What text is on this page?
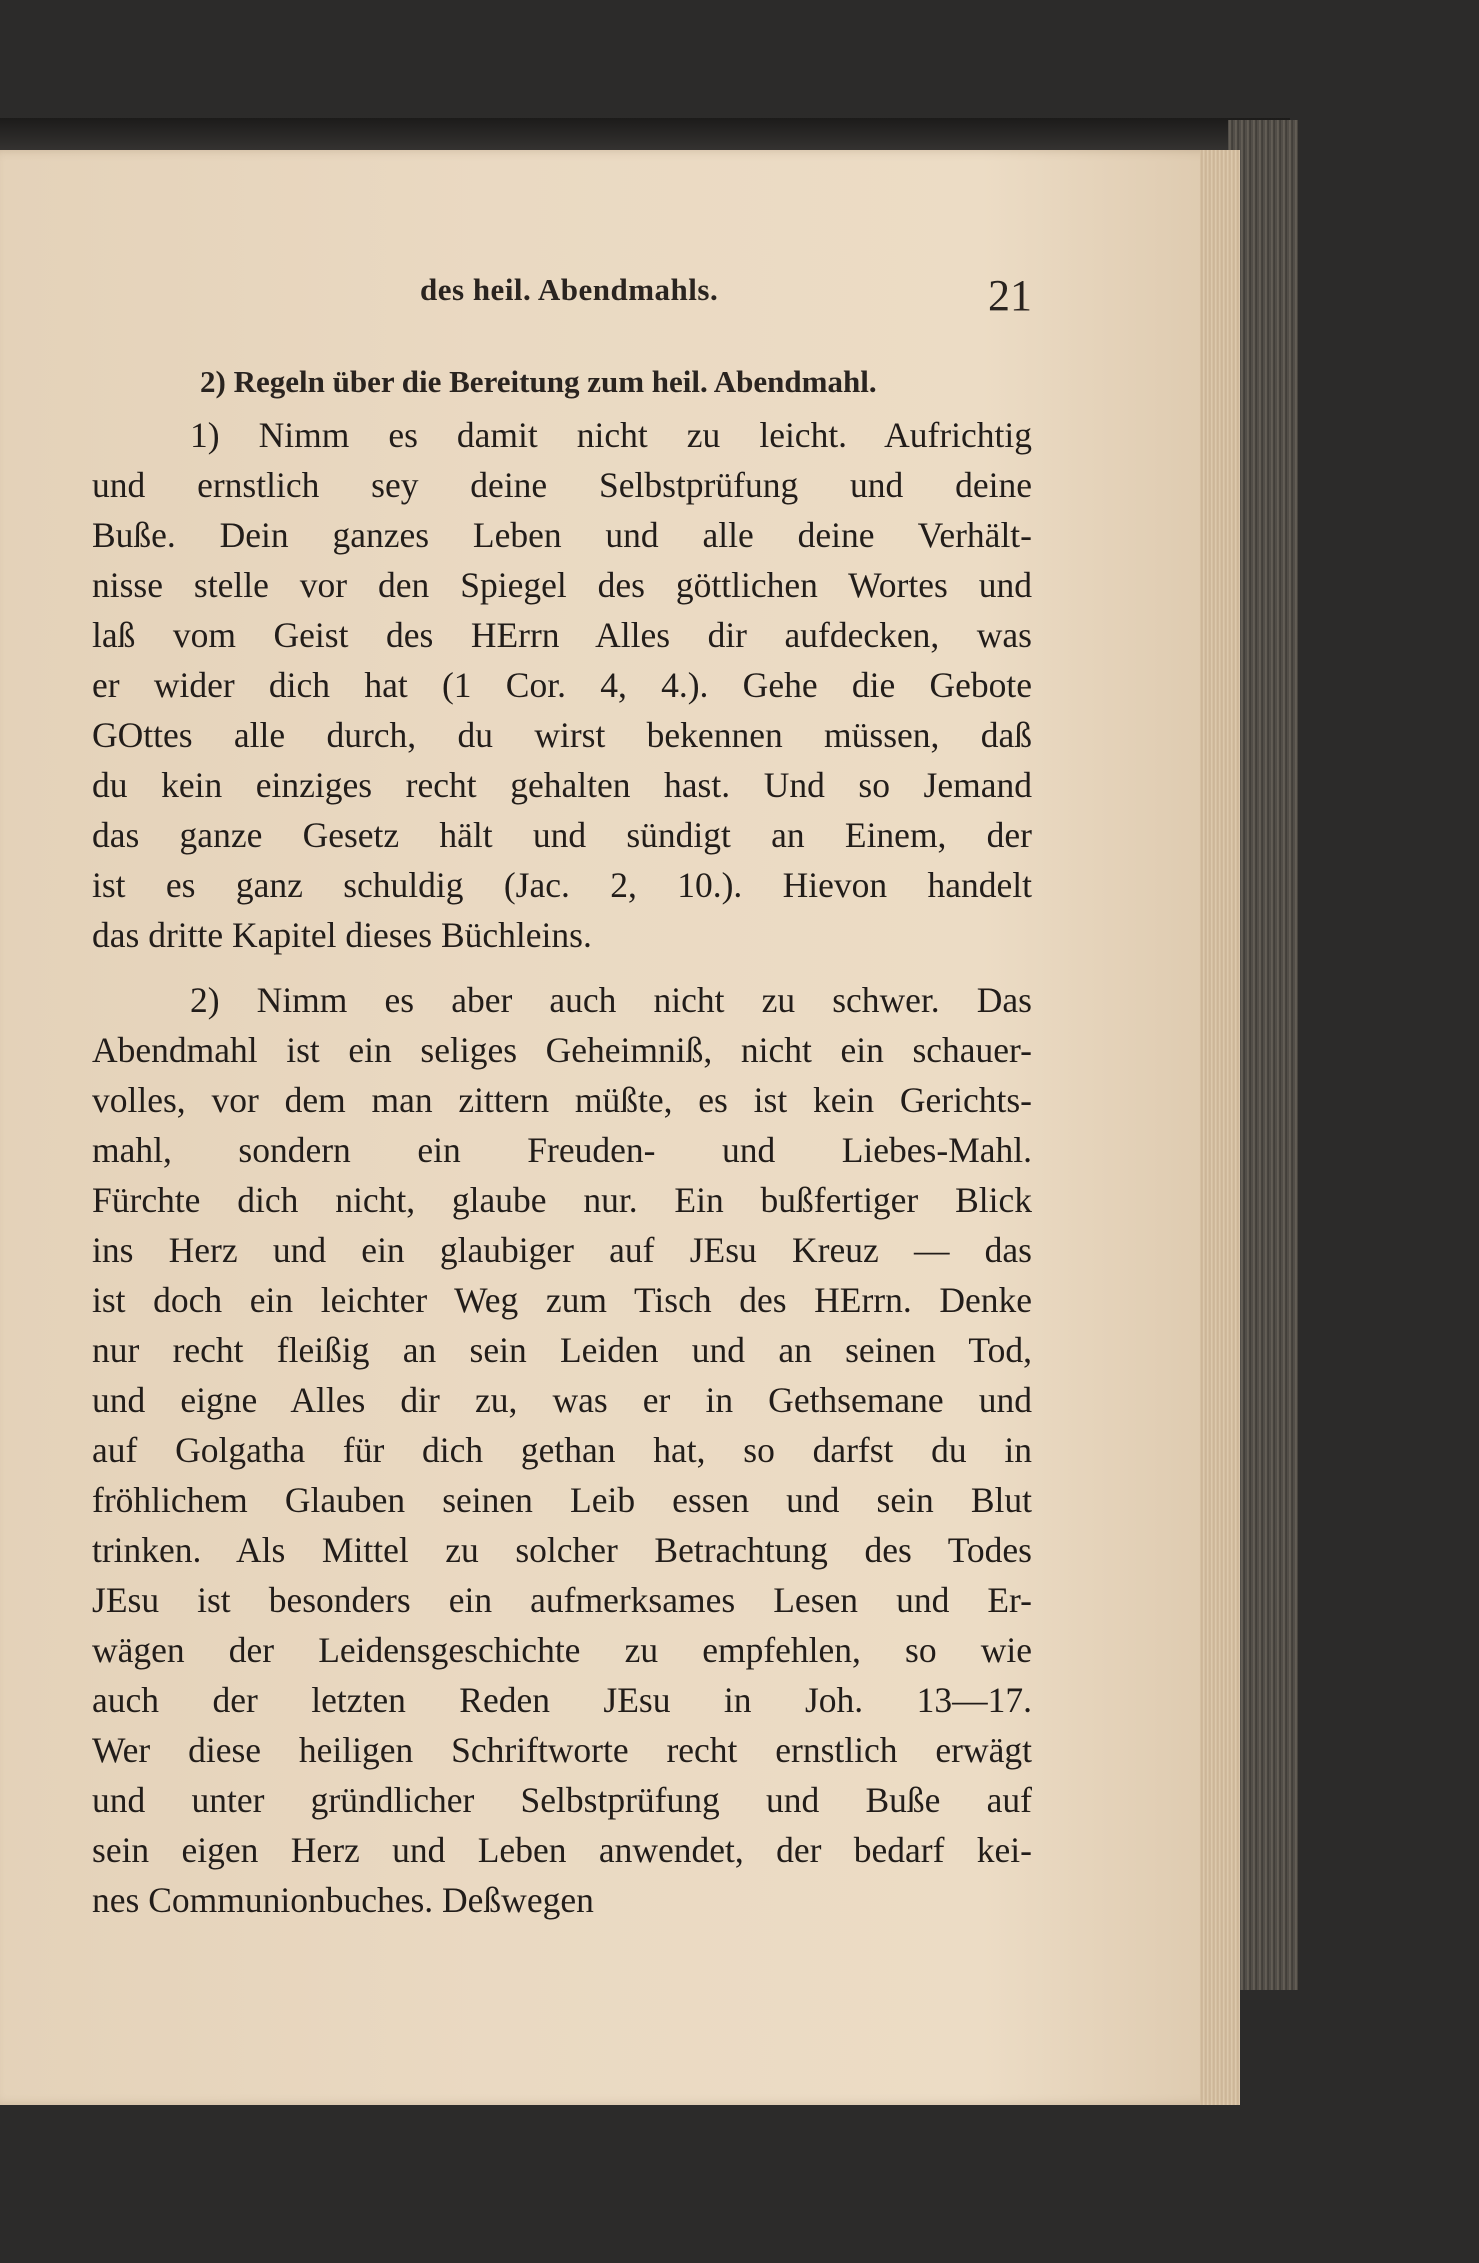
des heil. Abendmahls.	21
2) Regeln über die Bereitung zum heil. Abendmahl.
1) Nimm es damit nicht zu leicht. Aufrichtig
und ernstlich sey deine Selbstprüfung und deine
Buße. Dein ganzes Leben und alle deine Verhält-
nisse stelle vor den Spiegel des göttlichen Wortes und
laß vom Geist des HErrn Alles dir aufdecken, was
er wider dich hat (1 Cor. 4, 4.). Gehe die Gebote
GOttes alle durch, du wirst bekennen müssen, daß
du kein einziges recht gehalten hast. Und so Jemand
das ganze Gesetz hält und sündigt an Einem, der
ist es ganz schuldig (Jac. 2, 10.). Hievon handelt
das dritte Kapitel dieses Büchleins.
2) Nimm es aber auch nicht zu schwer. Das
Abendmahl ist ein seliges Geheimniß, nicht ein schauer-
volles, vor dem man zittern müßte, es ist kein Gerichts-
mahl, sondern ein Freuden- und Liebes-Mahl.
Fürchte dich nicht, glaube nur. Ein bußfertiger Blick
ins Herz und ein glaubiger auf JEsu Kreuz — das
ist doch ein leichter Weg zum Tisch des HErrn. Denke
nur recht fleißig an sein Leiden und an seinen Tod,
und eigne Alles dir zu, was er in Gethsemane und
auf Golgatha für dich gethan hat, so darfst du in
fröhlichem Glauben seinen Leib essen und sein Blut
trinken. Als Mittel zu solcher Betrachtung des Todes
JEsu ist besonders ein aufmerksames Lesen und Er-
wägen der Leidensgeschichte zu empfehlen, so wie
auch der letzten Reden JEsu in Joh. 13—17.
Wer diese heiligen Schriftworte recht ernstlich erwägt
und unter gründlicher Selbstprüfung und Buße auf
sein eigen Herz und Leben anwendet, der bedarf kei-
nes Communionbuches. Deßwegen
